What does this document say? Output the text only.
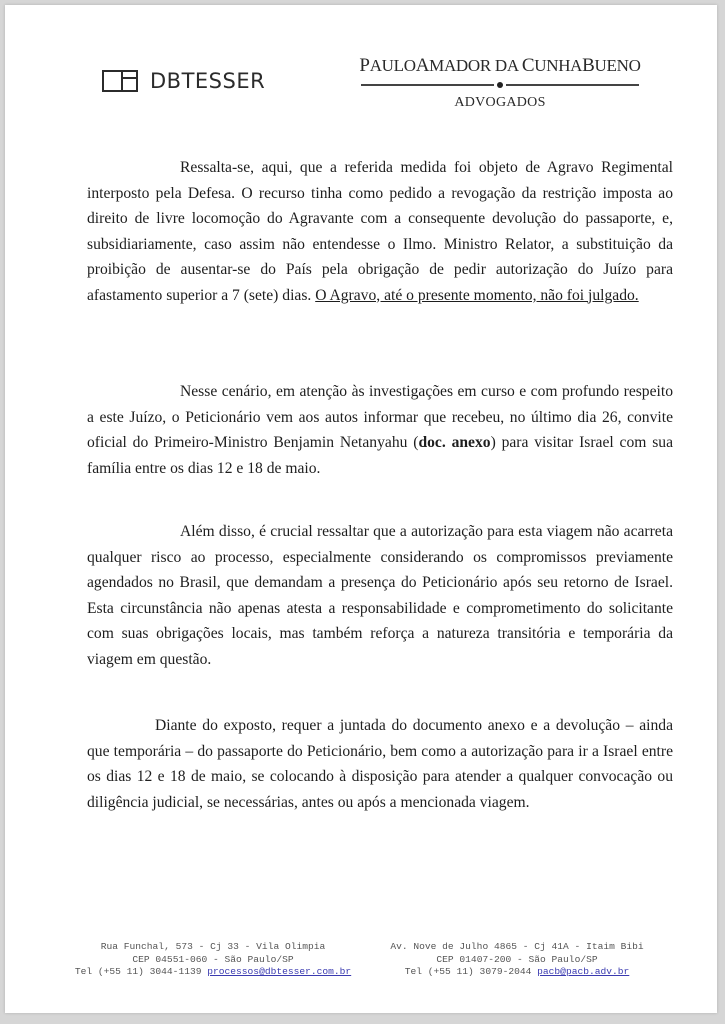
DBTESSER
PAULOAMADOR DA CUNHABUENO
ADVOGADOS

Ressalta-se, aqui, que a referida medida foi objeto de Agravo Regimental interposto pela Defesa. O recurso tinha como pedido a revogação da restrição imposta ao direito de livre locomoção do Agravante com a consequente devolução do passaporte, e, subsidiariamente, caso assim não entendesse o Ilmo. Ministro Relator, a substituição da proibição de ausentar-se do País pela obrigação de pedir autorização do Juízo para afastamento superior a 7 (sete) dias. O Agravo, até o presente momento, não foi julgado.

Nesse cenário, em atenção às investigações em curso e com profundo respeito a este Juízo, o Peticionário vem aos autos informar que recebeu, no último dia 26, convite oficial do Primeiro-Ministro Benjamin Netanyahu (doc. anexo) para visitar Israel com sua família entre os dias 12 e 18 de maio.

Além disso, é crucial ressaltar que a autorização para esta viagem não acarreta qualquer risco ao processo, especialmente considerando os compromissos previamente agendados no Brasil, que demandam a presença do Peticionário após seu retorno de Israel. Esta circunstância não apenas atesta a responsabilidade e comprometimento do solicitante com suas obrigações locais, mas também reforça a natureza transitória e temporária da viagem em questão.

Diante do exposto, requer a juntada do documento anexo e a devolução – ainda que temporária – do passaporte do Peticionário, bem como a autorização para ir a Israel entre os dias 12 e 18 de maio, se colocando à disposição para atender a qualquer convocação ou diligência judicial, se necessárias, antes ou após a mencionada viagem.

Rua Funchal, 573 - Cj 33 - Vila Olimpia
CEP 04551-060 - São Paulo/SP
Tel (+55 11) 3044-1139 processos@dbtesser.com.br
Av. Nove de Julho 4865 - Cj 41A - Itaim Bibi
CEP 01407-200 - São Paulo/SP
Tel (+55 11) 3079-2044 pacb@pacb.adv.br
